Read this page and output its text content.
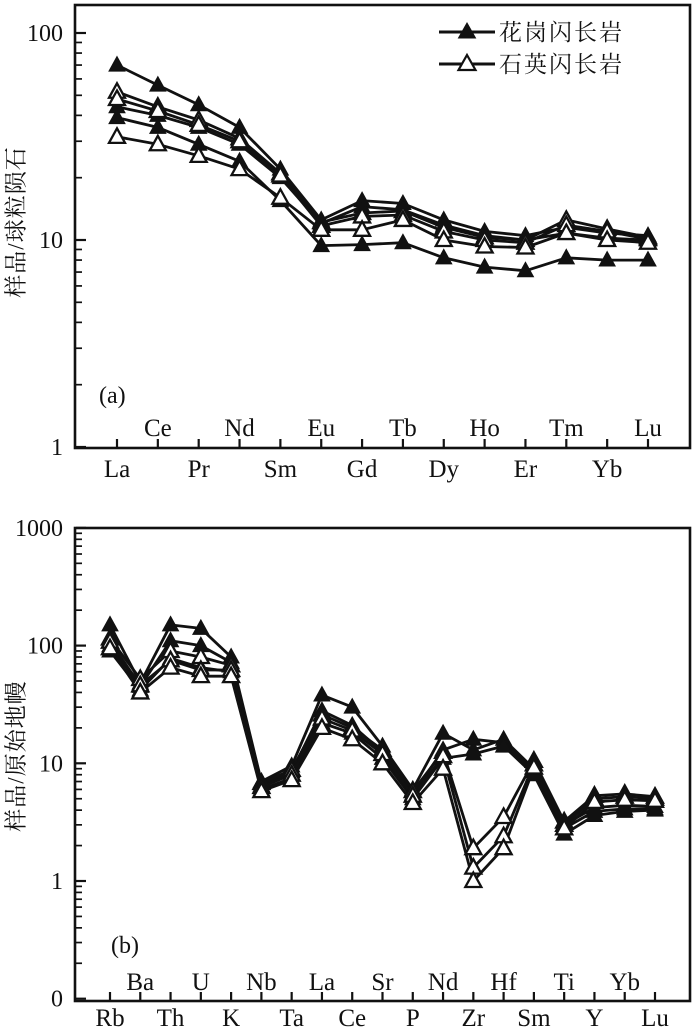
100
10
1
La
Ce
Pr
Nd
Sm
Eu
Gd
Tb
Dy
Ho
Er
Tm
Yb
Lu
样品/球粒陨石
(a)
花岗闪长岩
石英闪长岩
1000
100
10
1
0
Rb
Ba
Th
U
K
Nb
Ta
La
Ce
Sr
P
Nd
Zr
Hf
Sm
Ti
Y
Yb
Lu
样品/原始地幔
(b)
